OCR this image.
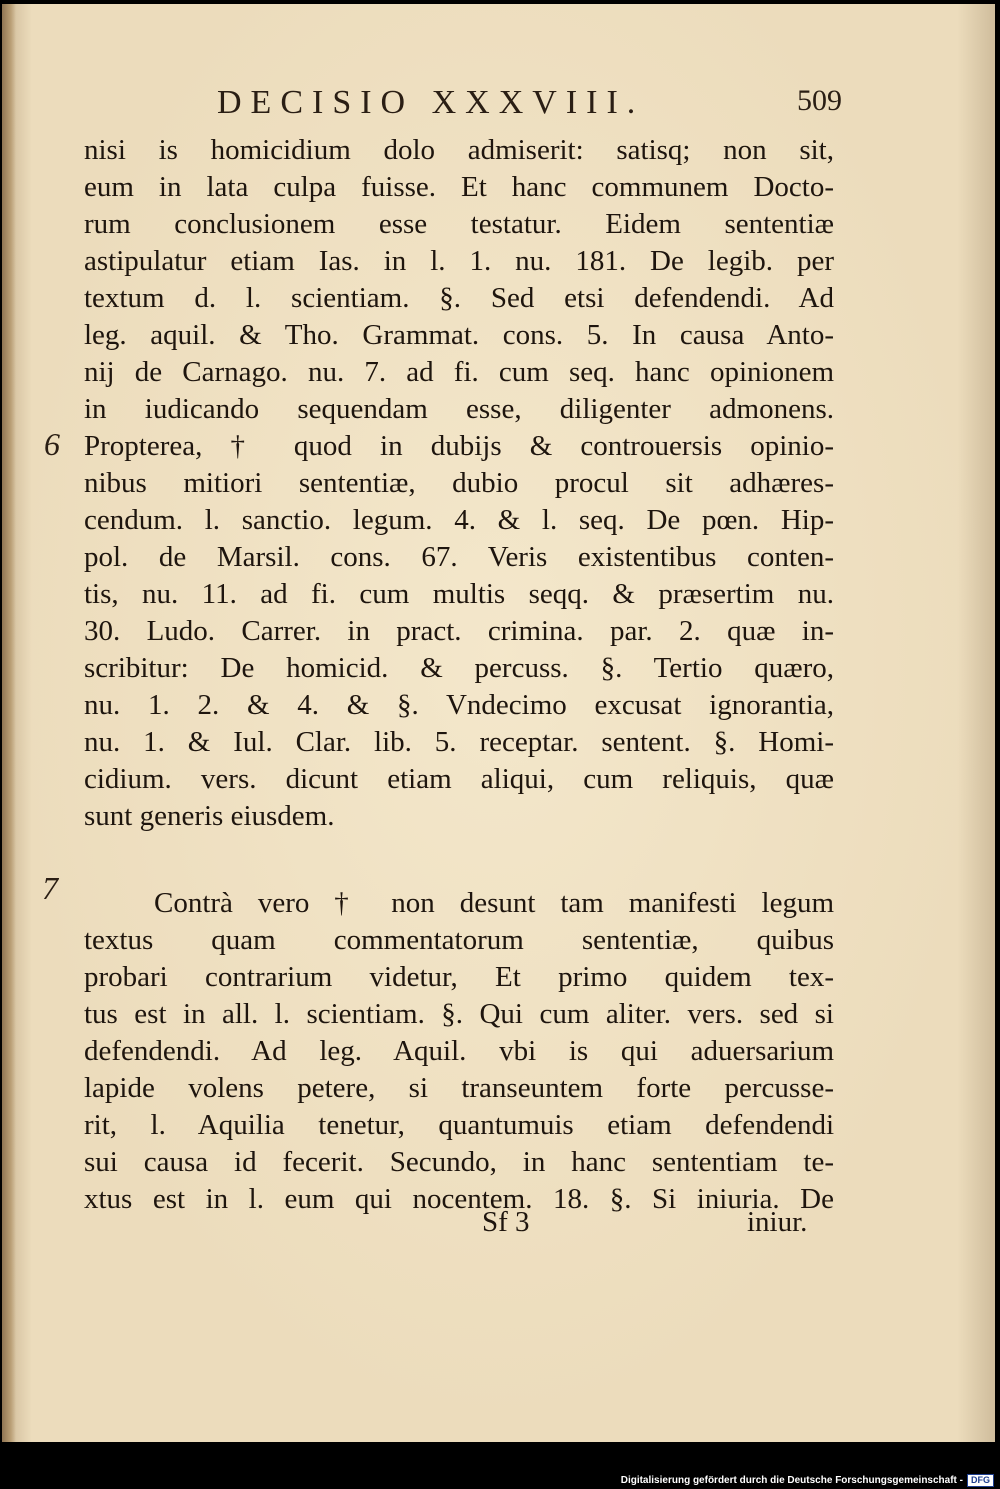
DECISIO XXXVIII.	509
6
7
nisi is homicidium dolo admiserit: satisq; non sit,
eum in lata culpa fuisse. Et hanc communem Docto-
rum conclusionem esse testatur. Eidem sententiæ
astipulatur etiam Ias. in l. 1. nu. 181. De legib. per
textum d. l. scientiam. §. Sed etsi defendendi. Ad
leg. aquil. & Tho. Grammat. cons. 5. In causa Anto-
nij de Carnago. nu. 7. ad fi. cum seq. hanc opinionem
in iudicando sequendam esse, diligenter admonens.
Propterea, † quod in dubijs & controuersis opinio-
nibus mitiori sententiæ, dubio procul sit adhæres-
cendum. l. sanctio. legum. 4. & l. seq. De pœn. Hip-
pol. de Marsil. cons. 67. Veris existentibus conten-
tis, nu. 11. ad fi. cum multis seqq. & præsertim nu.
30. Ludo. Carrer. in pract. crimina. par. 2. quæ in-
scribitur: De homicid. & percuss. §. Tertio quæro,
nu. 1. 2. & 4. & §. Vndecimo excusat ignorantia,
nu. 1. & Iul. Clar. lib. 5. receptar. sentent. §. Homi-
cidium. vers. dicunt etiam aliqui, cum reliquis, quæ
sunt generis eiusdem.
Contrà vero † non desunt tam manifesti legum
textus quam commentatorum sententiæ, quibus
probari contrarium videtur, Et primo quidem tex-
tus est in all. l. scientiam. §. Qui cum aliter. vers. sed si
defendendi. Ad leg. Aquil. vbi is qui aduersarium
lapide volens petere, si transeuntem forte percusse-
rit, l. Aquilia tenetur, quantumuis etiam defendendi
sui causa id fecerit. Secundo, in hanc sententiam te-
xtus est in l. eum qui nocentem. 18. §. Si iniuria. De
Sf 3	iniur.
Digitalisierung gefördert durch die Deutsche Forschungsgemeinschaft - DFG
